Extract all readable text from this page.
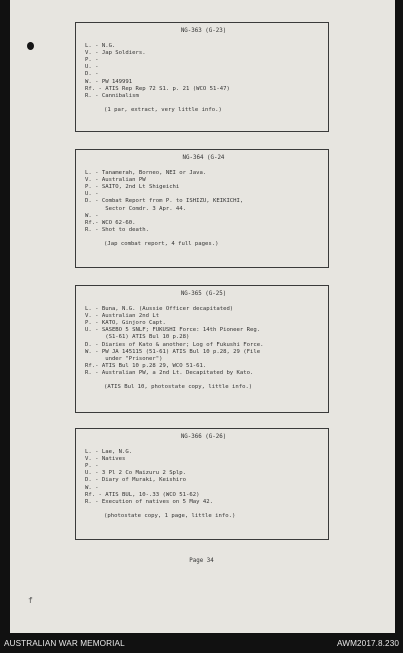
NG-363 (G-23)
L. - N.G.
V. - Jap Soldiers.
P. -
U. -
D. -
W. - PW 149991
Rf. - ATIS Rep Rep 72 S1. p. 21 (WCO 51-47)
R. - Cannibalism
(1 par, extract, very little info.)
NG-364 (G-24
L. - Tanamerah, Borneo, NEI or Java.
V. - Australian PW
P. - SAITO, 2nd Lt Shigeichi
U. -
D. - Combat Report from P. to ISHIZU, KEIKICHI,
Sector Comdr. 3 Apr. 44.
W. -
Rf.- WCO 62-60.
R. - Shot to death.
(Jap combat report, 4 full pages.)
NG-365 (G-25)
L. - Buna, N.G. (Aussie Officer decapitated)
V. - Australian 2nd Lt
P. - KATO, Ginjoro Capt.
U. - SASEBO 5 SNLF; FUKUSHI Force: 14th Pioneer Reg.
(S1-61) ATIS Bul 10 p.28)
D. - Diaries of Kato & another; Log of Fukushi Force.
W. - PW JA 145115 (51-61) ATIS Bul 10 p.28, 29 (File
under "Prisoner")
Rf.- ATIS Bul 10 p.28 29, WCO 51-61.
R. - Australian PW, a 2nd Lt. Decapitated by Kato.
(ATIS Bul 10, photostate copy, little info.)
NG-366 (G-26)
L. - Lae, N.G.
V. - Natives
P. -
U. - 3 Pl 2 Co Maizuru 2 Splp.
D. - Diary of Muraki, Keishiro
W. -
Rf. - ATIS BUL, 10-.33 (WCO 51-62)
R. - Execution of natives on 5 May 42.
(photostate copy, 1 page, little info.)
Page 34
f
AUSTRALIAN WAR MEMORIAL	AWM2017.8.230
